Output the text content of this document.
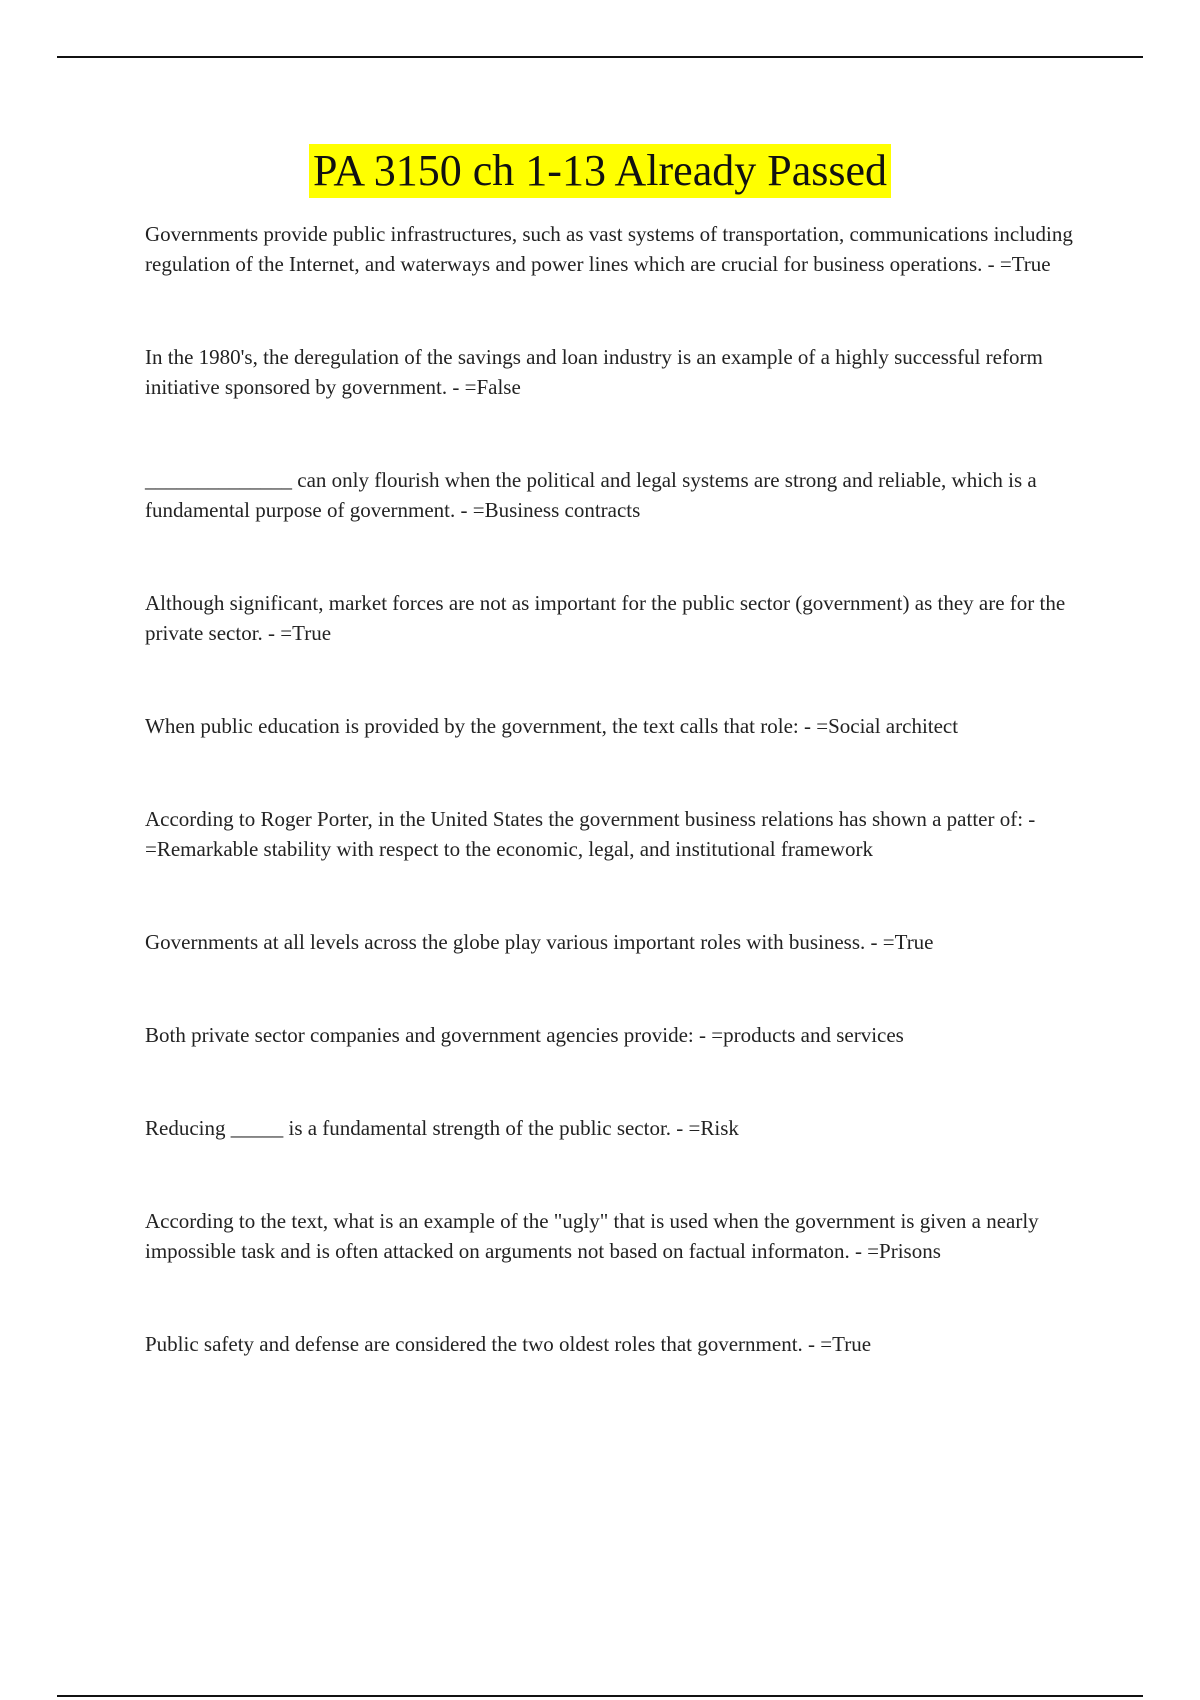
PA 3150 ch 1-13 Already Passed

Governments provide public infrastructures, such as vast systems of transportation, communications including regulation of the Internet, and waterways and power lines which are crucial for business operations. - =True

In the 1980's, the deregulation of the savings and loan industry is an example of a highly successful reform initiative sponsored by government. - =False

______________ can only flourish when the political and legal systems are strong and reliable, which is a fundamental purpose of government. - =Business contracts

Although significant, market forces are not as important for the public sector (government) as they are for the private sector. - =True

When public education is provided by the government, the text calls that role: - =Social architect

According to Roger Porter, in the United States the government business relations has shown a patter of: - =Remarkable stability with respect to the economic, legal, and institutional framework

Governments at all levels across the globe play various important roles with business. - =True

Both private sector companies and government agencies provide: - =products and services

Reducing _____ is a fundamental strength of the public sector. - =Risk

According to the text, what is an example of the "ugly" that is used when the government is given a nearly impossible task and is often attacked on arguments not based on factual informaton. - =Prisons

Public safety and defense are considered the two oldest roles that government. - =True
